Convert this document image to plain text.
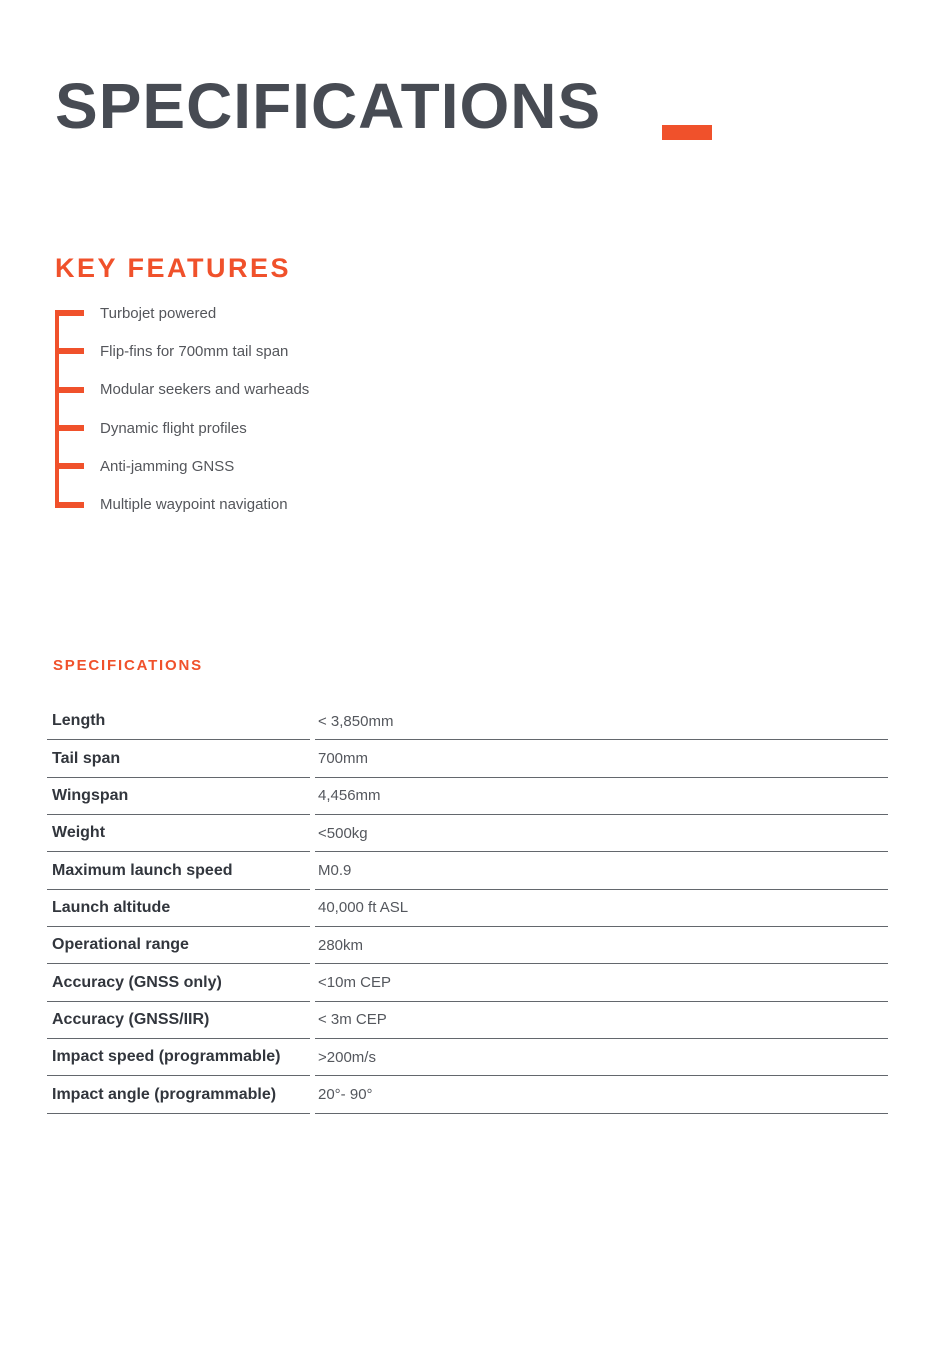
SPECIFICATIONS
KEY FEATURES
Turbojet powered
Flip-fins for 700mm tail span
Modular seekers and warheads
Dynamic flight profiles
Anti-jamming GNSS
Multiple waypoint navigation
SPECIFICATIONS
Length	< 3,850mm
Tail span	700mm
Wingspan	4,456mm
Weight	<500kg
Maximum launch speed	M0.9
Launch altitude	40,000 ft ASL
Operational range	280km
Accuracy (GNSS only)	<10m CEP
Accuracy (GNSS/IIR)	< 3m CEP
Impact speed (programmable)	>200m/s
Impact angle (programmable)	20°- 90°
